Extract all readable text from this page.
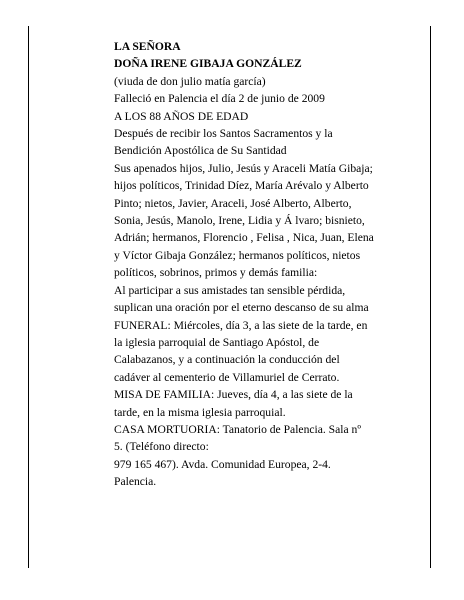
LA SEÑORA

DOÑA IRENE GIBAJA GONZÁLEZ

(viuda de don julio matía garcía)

Falleció en Palencia el día 2 de junio de 2009

A LOS 88 AÑOS DE EDAD

Después de recibir los Santos Sacramentos y la
Bendición Apostólica de Su Santidad

Sus apenados hijos, Julio, Jesús y Araceli Matía Gibaja;
hijos políticos, Trinidad Díez, María Arévalo y Alberto
Pinto; nietos, Javier, Araceli, José Alberto, Alberto,
Sonia, Jesús, Manolo, Irene, Lidia y Á lvaro; bisnieto,
Adrián; hermanos, Florencio , Felisa , Nica, Juan, Elena
y Víctor Gibaja González; hermanos políticos, nietos
políticos, sobrinos, primos y demás familia:

Al participar a sus amistades tan sensible pérdida,
suplican una oración por el eterno descanso de su alma

FUNERAL: Miércoles, día 3, a las siete de la tarde, en
la iglesia parroquial de Santiago Apóstol, de
Calabazanos, y a continuación la conducción del
cadáver al cementerio de Villamuriel de Cerrato.

MISA DE FAMILIA: Jueves, día 4, a las siete de la
tarde, en la misma iglesia parroquial.

CASA MORTUORIA: Tanatorio de Palencia. Sala nº
5. (Teléfono directo:

979 165 467). Avda. Comunidad Europea, 2-4.
Palencia.
